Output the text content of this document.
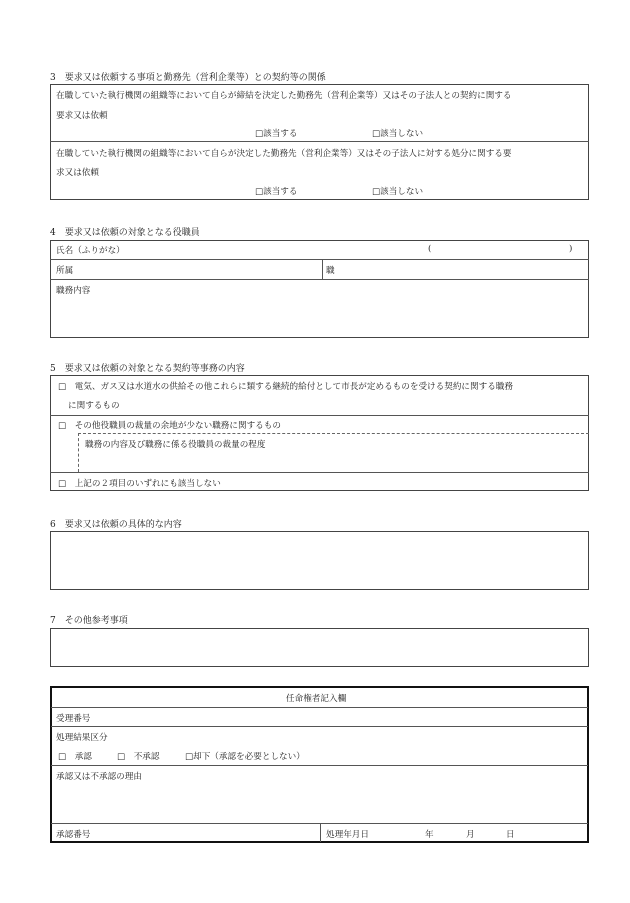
3　要求又は依頼する事項と勤務先（営利企業等）との契約等の関係
在職していた執行機関の組織等において自らが締結を決定した勤務先（営利企業等）又はその子法人との契約に関する
要求又は依頼
□該当する	□該当しない
在職していた執行機関の組織等において自らが決定した勤務先（営利企業等）又はその子法人に対する処分に関する要
求又は依頼
□該当する	□該当しない
4　要求又は依頼の対象となる役職員
氏名（ふりがな）	(	)
所属	職
職務内容
5　要求又は依頼の対象となる契約等事務の内容
□　電気、ガス又は水道水の供給その他これらに類する継続的給付として市長が定めるものを受ける契約に関する職務
に関するもの
□　その他役職員の裁量の余地が少ない職務に関するもの
職務の内容及び職務に係る役職員の裁量の程度
□　上記の２項目のいずれにも該当しない
6　要求又は依頼の具体的な内容
7　その他参考事項
任命権者記入欄
受理番号
処理結果区分
□　承認	□　不承認	□却下（承認を必要としない）
承認又は不承認の理由
承認番号	処理年月日	年	月	日
